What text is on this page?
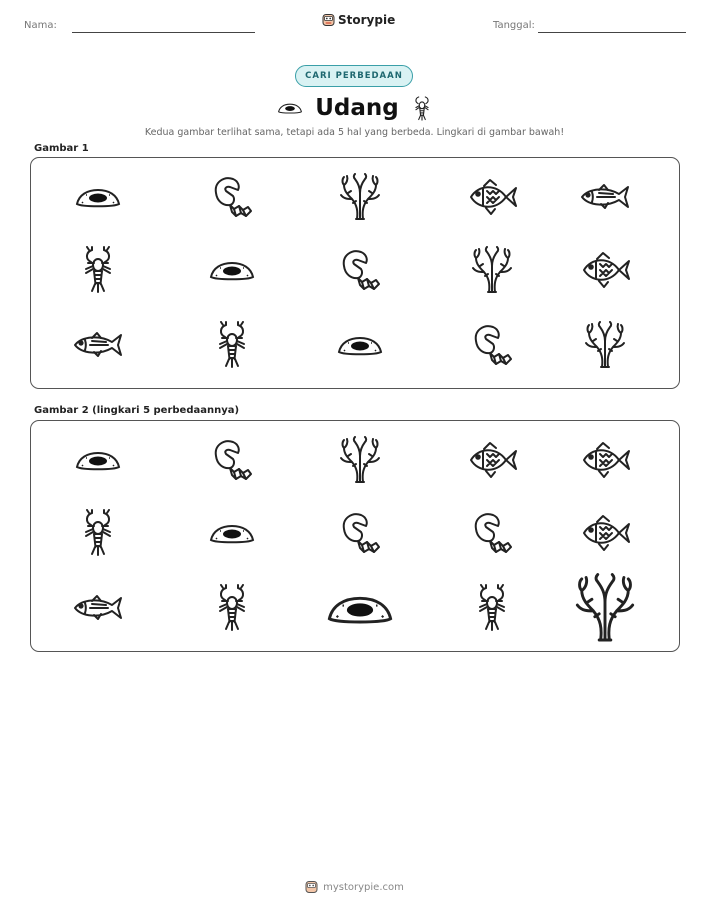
Nama:	Storypie	Tanggal:
CARI PERBEDAAN
Udang
Kedua gambar terlihat sama, tetapi ada 5 hal yang berbeda. Lingkari di gambar bawah!
Gambar 1
Gambar 2 (lingkari 5 perbedaannya)
mystorypie.com
